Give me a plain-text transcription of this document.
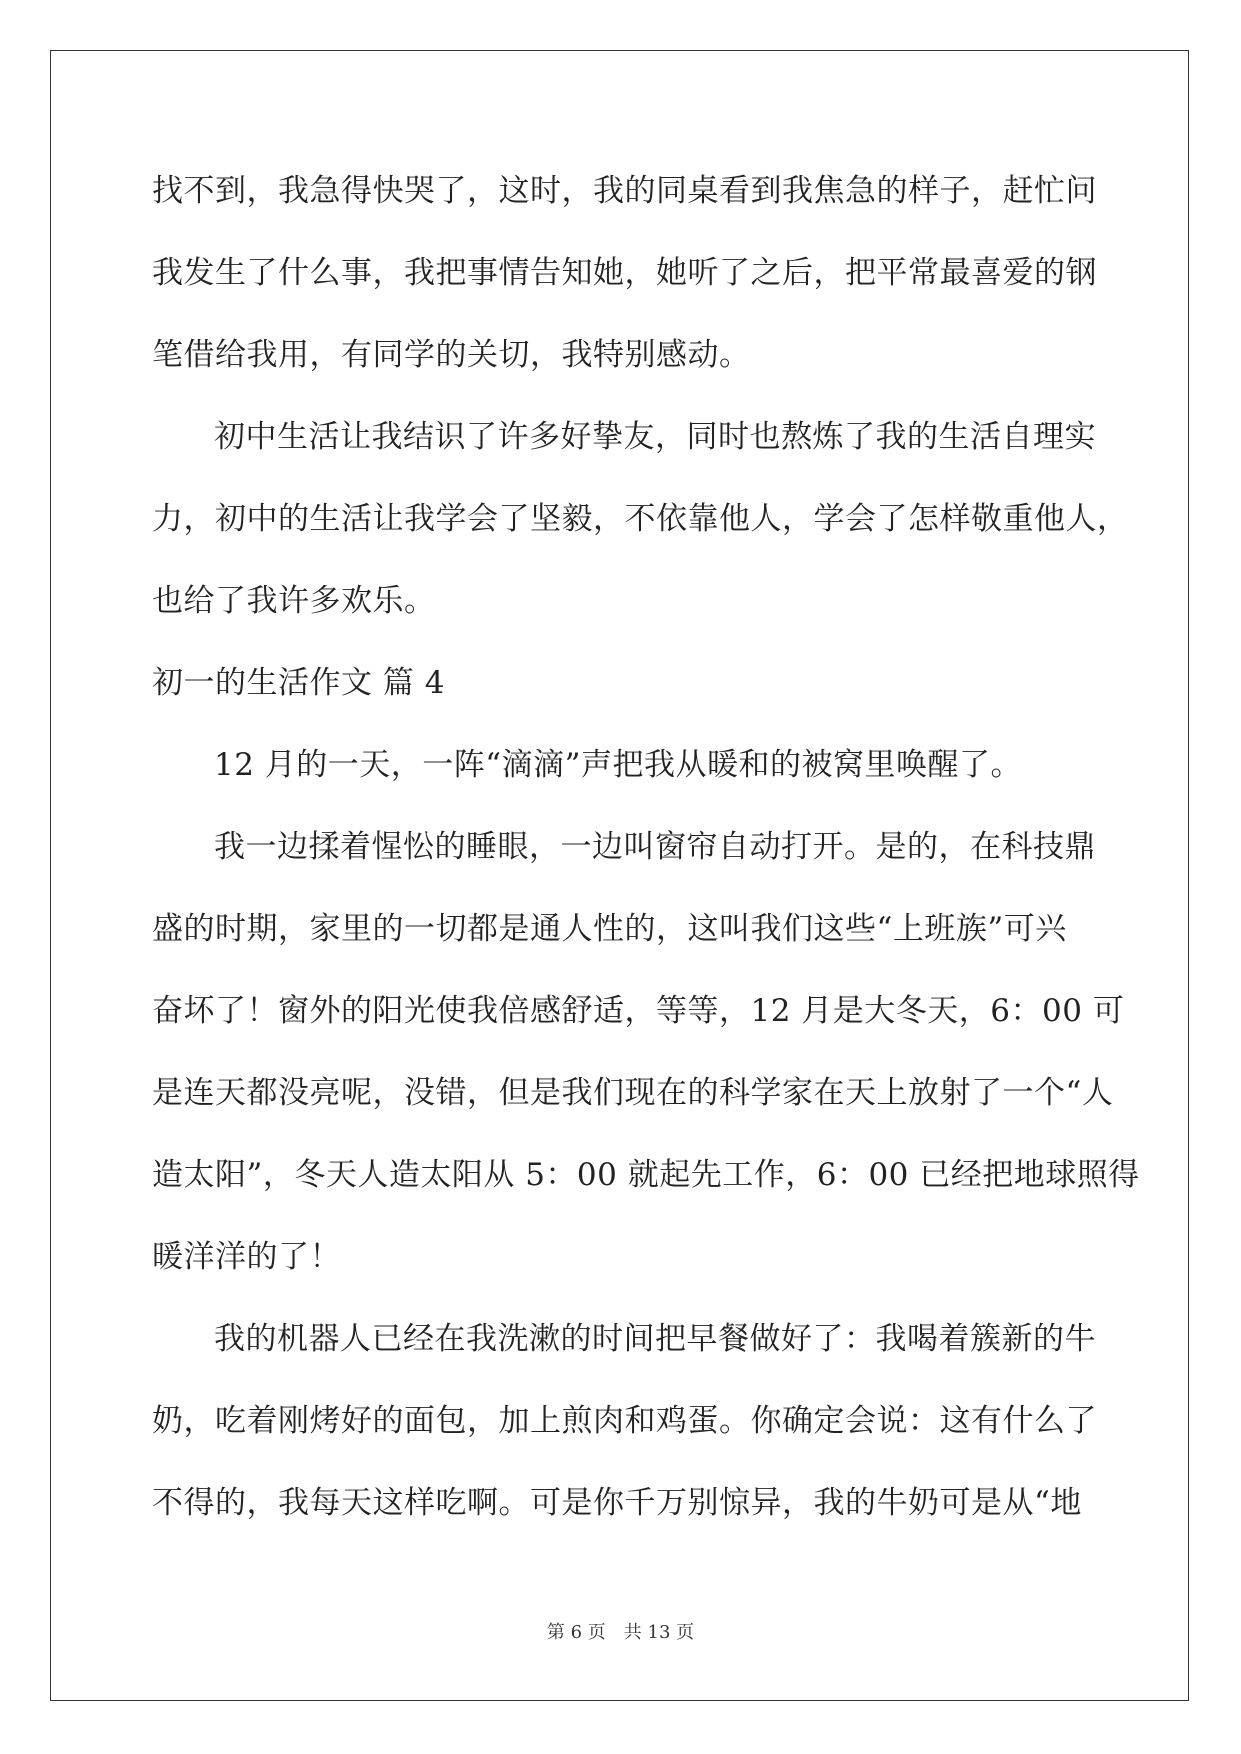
找不到，我急得快哭了，这时，我的同桌看到我焦急的样子，赶忙问
我发生了什么事，我把事情告知她，她听了之后，把平常最喜爱的钢
笔借给我用，有同学的关切，我特别感动。
初中生活让我结识了许多好挚友，同时也熬炼了我的生活自理实
力，初中的生活让我学会了坚毅，不依靠他人，学会了怎样敬重他人，
也给了我许多欢乐。
初一的生活作文 篇 4
12 月的一天，一阵“滴滴”声把我从暖和的被窝里唤醒了。
我一边揉着惺忪的睡眼，一边叫窗帘自动打开。是的，在科技鼎
盛的时期，家里的一切都是通人性的，这叫我们这些“上班族”可兴
奋坏了！窗外的阳光使我倍感舒适，等等，12 月是大冬天，6：00 可
是连天都没亮呢，没错，但是我们现在的科学家在天上放射了一个“人
造太阳”，冬天人造太阳从 5：00 就起先工作，6：00 已经把地球照得
暖洋洋的了！
我的机器人已经在我洗漱的时间把早餐做好了：我喝着簇新的牛
奶，吃着刚烤好的面包，加上煎肉和鸡蛋。你确定会说：这有什么了
不得的，我每天这样吃啊。可是你千万别惊异，我的牛奶可是从“地
第 6 页 共 13 页
